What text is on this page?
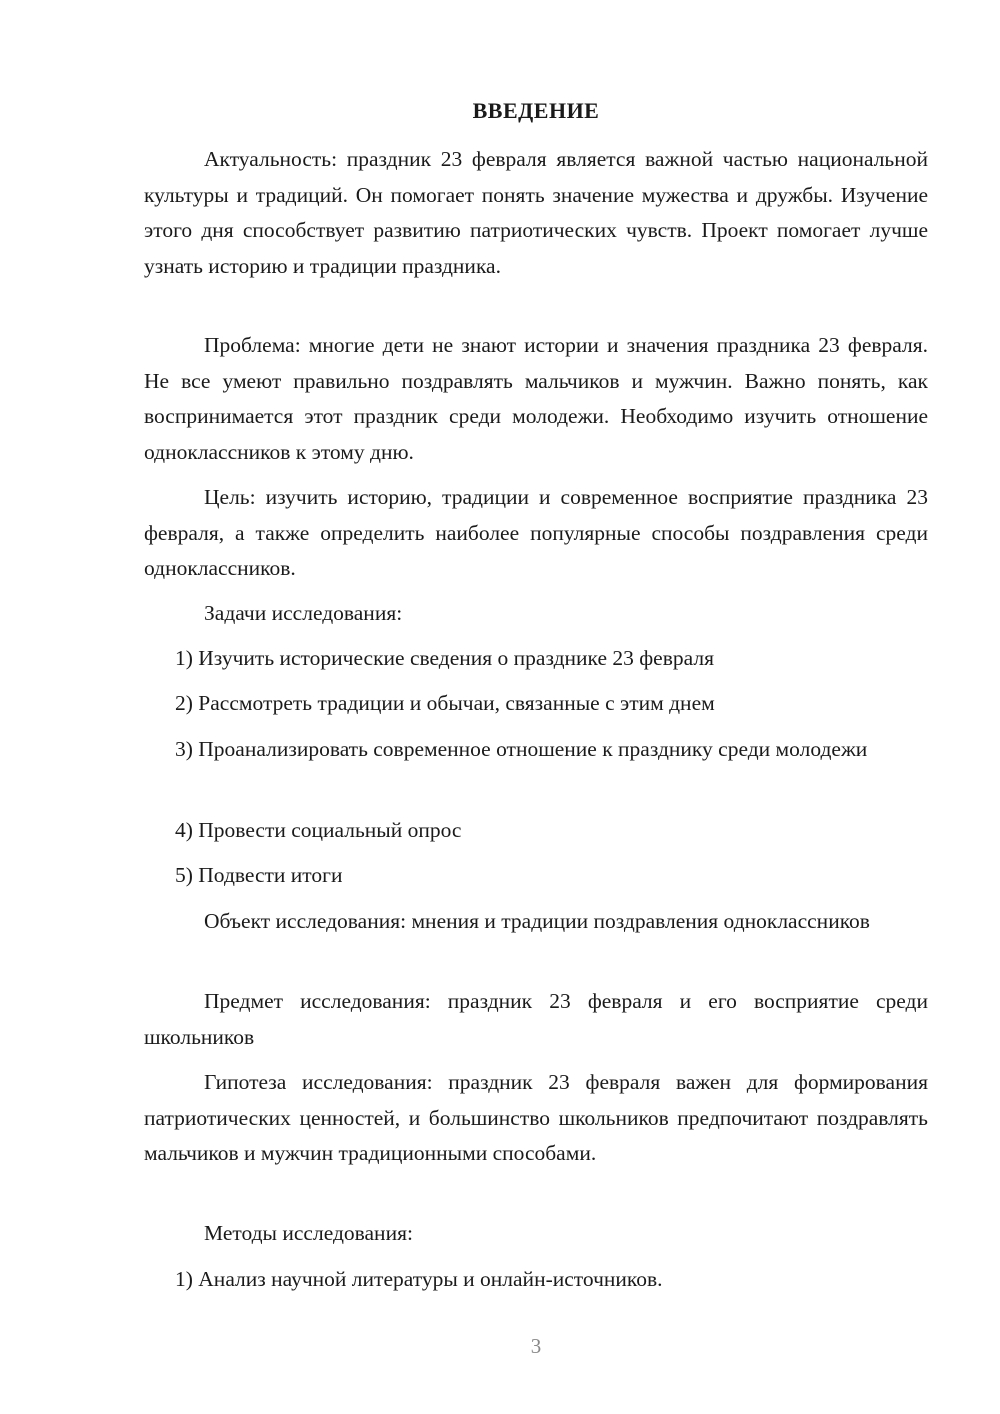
ВВЕДЕНИЕ

Актуальность: праздник 23 февраля является важной частью национальной культуры и традиций. Он помогает понять значение мужества и дружбы. Изучение этого дня способствует развитию патриотических чувств. Проект помогает лучше узнать историю и традиции праздника.

Проблема: многие дети не знают истории и значения праздника 23 февраля. Не все умеют правильно поздравлять мальчиков и мужчин. Важно понять, как воспринимается этот праздник среди молодежи. Необходимо изучить отношение одноклассников к этому дню.

Цель: изучить историю, традиции и современное восприятие праздника 23 февраля, а также определить наиболее популярные способы поздравления среди одноклассников.

Задачи исследования:

1) Изучить исторические сведения о празднике 23 февраля

2) Рассмотреть традиции и обычаи, связанные с этим днем

3) Проанализировать современное отношение к празднику среди молодежи

4) Провести социальный опрос

5) Подвести итоги

Объект исследования: мнения и традиции поздравления одноклассников

Предмет исследования: праздник 23 февраля и его восприятие среди школьников

Гипотеза исследования: праздник 23 февраля важен для формирования патриотических ценностей, и большинство школьников предпочитают поздравлять мальчиков и мужчин традиционными способами.

Методы исследования:

1) Анализ научной литературы и онлайн-источников.

3
